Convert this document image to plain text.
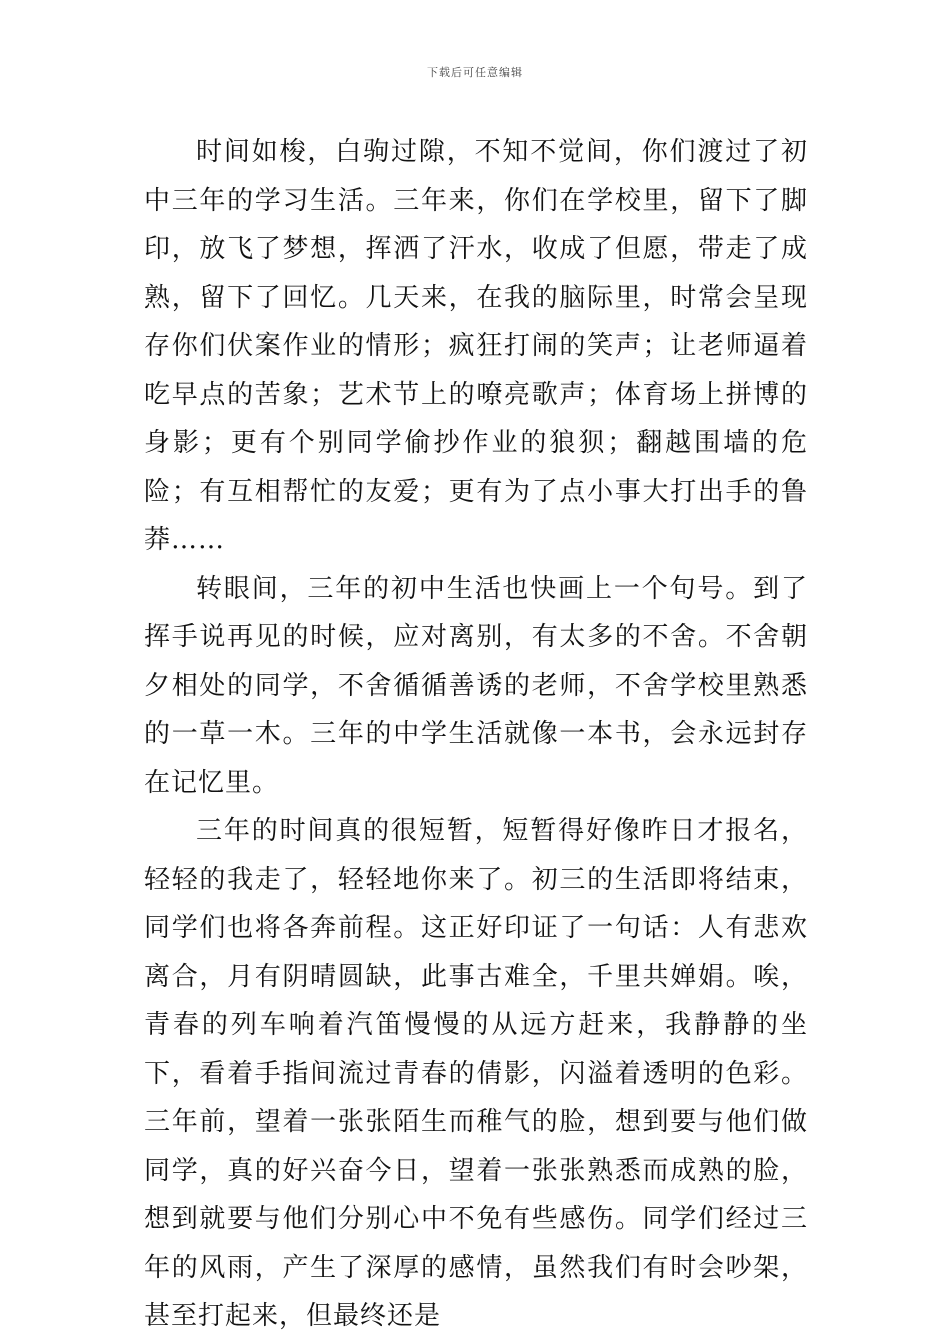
下载后可任意编辑

时间如梭，白驹过隙，不知不觉间，你们渡过了初中三年的学习生活。三年来，你们在学校里，留下了脚印，放飞了梦想，挥洒了汗水，收成了但愿，带走了成熟，留下了回忆。几天来，在我的脑际里，时常会呈现存你们伏案作业的情形；疯狂打闹的笑声；让老师逼着吃早点的苦象；艺术节上的嘹亮歌声；体育场上拼博的身影；更有个别同学偷抄作业的狼狈；翻越围墙的危险；有互相帮忙的友爱；更有为了点小事大打出手的鲁莽……

转眼间，三年的初中生活也快画上一个句号。到了挥手说再见的时候，应对离别，有太多的不舍。不舍朝夕相处的同学，不舍循循善诱的老师，不舍学校里熟悉的一草一木。三年的中学生活就像一本书，会永远封存在记忆里。

三年的时间真的很短暂，短暂得好像昨日才报名，轻轻的我走了，轻轻地你来了。初三的生活即将结束，同学们也将各奔前程。这正好印证了一句话：人有悲欢离合，月有阴晴圆缺，此事古难全，千里共婵娟。唉，青春的列车响着汽笛慢慢的从远方赶来，我静静的坐下，看着手指间流过青春的倩影，闪溢着透明的色彩。三年前，望着一张张陌生而稚气的脸，想到要与他们做同学，真的好兴奋今日，望着一张张熟悉而成熟的脸，想到就要与他们分别心中不免有些感伤。同学们经过三年的风雨，产生了深厚的感情，虽然我们有时会吵架，甚至打起来，但最终还是
